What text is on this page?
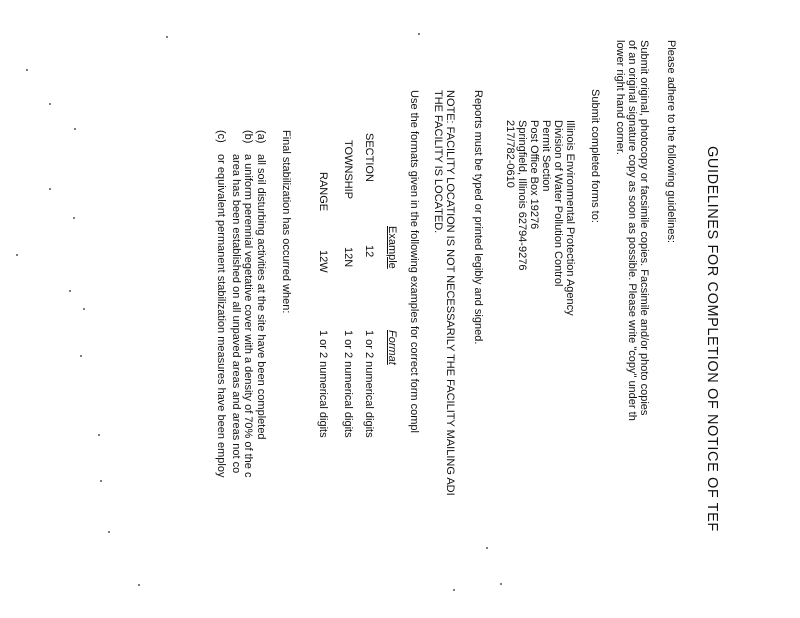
GUIDELINES FOR COMPLETION OF NOTICE OF TEF
Please adhere to the following guidelines:
Submit original, photocopy or facsimile copies. Facsimile and/or photo copies
of an original signature copy as soon as possible. Please write "copy" under th
lower right hand corner.
Submit completed forms to:
Illinois Environmental Protection Agency
Division of Water Pollution Control
Permit Section
Post Office Box 19276
Springfield, Illinois 62794-9276
217/782-0610
Reports must be typed or printed legibly and signed.
NOTE: FACILITY LOCATION IS NOT NECESSARILY THE FACILITY MAILING ADI
THE FACILITY IS LOCATED.
Use the formats given in the following examples for correct form compl
Example
Format
SECTION
12
1 or 2 numerical digits
TOWNSHIP
12N
1 or 2 numerical digits
RANGE
12W
1 or 2 numerical digits
Final stabilization has occurred when:
(a)
all soil disturbing activities at the site have been completed
(b)
a uniform perennial vegetative cover with a density of 70% of the c
area has been established on all unpaved areas and areas not co
(c)
or equivalent permanent stabilization measures have been employ
